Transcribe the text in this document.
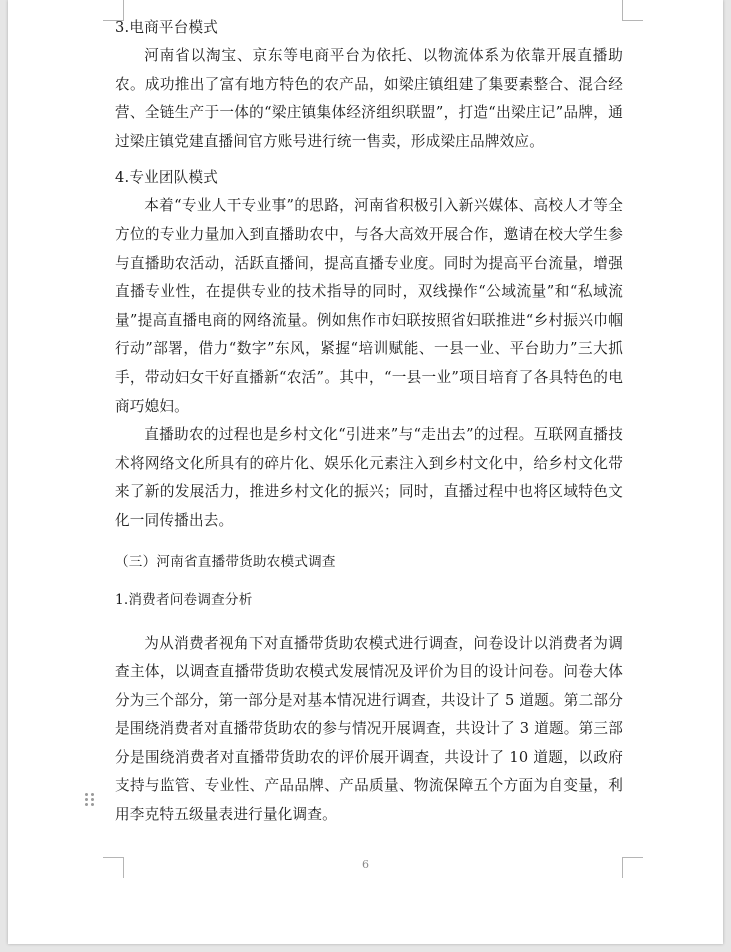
3.电商平台模式

河南省以淘宝、京东等电商平台为依托、以物流体系为依靠开展直播助农。成功推出了富有地方特色的农产品，如梁庄镇组建了集要素整合、混合经营、全链生产于一体的“梁庄镇集体经济组织联盟”，打造“出梁庄记”品牌，通过梁庄镇党建直播间官方账号进行统一售卖，形成梁庄品牌效应。

4.专业团队模式

本着“专业人干专业事”的思路，河南省积极引入新兴媒体、高校人才等全方位的专业力量加入到直播助农中，与各大高效开展合作，邀请在校大学生参与直播助农活动，活跃直播间，提高直播专业度。同时为提高平台流量，增强直播专业性，在提供专业的技术指导的同时，双线操作“公域流量”和“私域流量”提高直播电商的网络流量。例如焦作市妇联按照省妇联推进“乡村振兴巾帼行动”部署，借力“数字”东风，紧握“培训赋能、一县一业、平台助力”三大抓手，带动妇女干好直播新“农活”。其中，“一县一业”项目培育了各具特色的电商巧媳妇。

直播助农的过程也是乡村文化“引进来”与“走出去”的过程。互联网直播技术将网络文化所具有的碎片化、娱乐化元素注入到乡村文化中，给乡村文化带来了新的发展活力，推进乡村文化的振兴；同时，直播过程中也将区域特色文化一同传播出去。

（三）河南省直播带货助农模式调查

1.消费者问卷调查分析

为从消费者视角下对直播带货助农模式进行调查，问卷设计以消费者为调查主体，以调查直播带货助农模式发展情况及评价为目的设计问卷。问卷大体分为三个部分，第一部分是对基本情况进行调查，共设计了 5 道题。第二部分是围绕消费者对直播带货助农的参与情况开展调查，共设计了 3 道题。第三部分是围绕消费者对直播带货助农的评价展开调查，共设计了 10 道题，以政府支持与监管、专业性、产品品牌、产品质量、物流保障五个方面为自变量，利用李克特五级量表进行量化调查。

6
